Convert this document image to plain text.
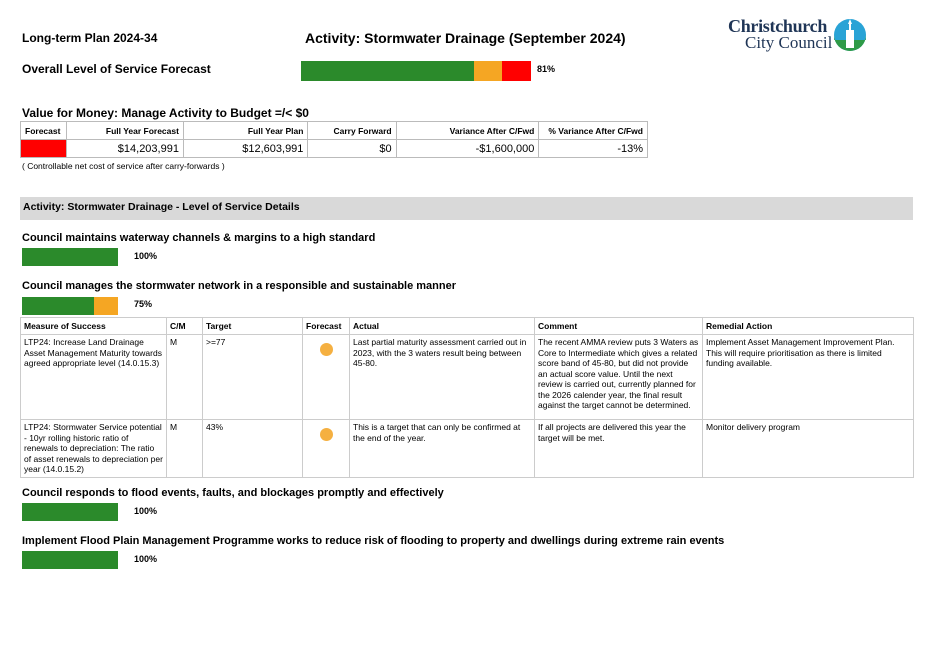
Long-term Plan 2024-34	Activity: Stormwater Drainage (September 2024)
Christchurch
City Council
Overall Level of Service Forecast	81%
Value for Money: Manage Activity to Budget =/< $0
Forecast	Full Year Forecast	Full Year Plan	Carry Forward	Variance After C/Fwd	% Variance After C/Fwd
	$14,203,991	$12,603,991	$0	-$1,600,000	-13%
( Controllable net cost of service after carry-forwards )
Activity: Stormwater Drainage - Level of Service Details
Council maintains waterway channels & margins to a high standard
100%
Council manages the stormwater network in a responsible and sustainable manner
75%
Measure of Success	C/M	Target	Forecast	Actual	Comment	Remedial Action
LTP24: Increase Land Drainage Asset Management Maturity towards agreed appropriate level (14.0.15.3)	M	>=77		Last partial maturity assessment carried out in 2023, with the 3 waters result being between 45-80.	The recent AMMA review puts 3 Waters as Core to Intermediate which gives a related score band of 45-80, but did not provide an actual score value. Until the next review is carried out, currently planned for the 2026 calender year, the final result against the target cannot be determined.	Implement Asset Management Improvement Plan. This will require prioritisation as there is limited funding available.
LTP24: Stormwater Service potential - 10yr rolling historic ratio of renewals to depreciation: The ratio of asset renewals to depreciation per year (14.0.15.2)	M	43%		This is a target that can only be confirmed at the end of the year.	If all projects are delivered this year the target will be met.	Monitor delivery program
Council responds to flood events, faults, and blockages promptly and effectively
100%
Implement Flood Plain Management Programme works to reduce risk of flooding to property and dwellings during extreme rain events
100%
